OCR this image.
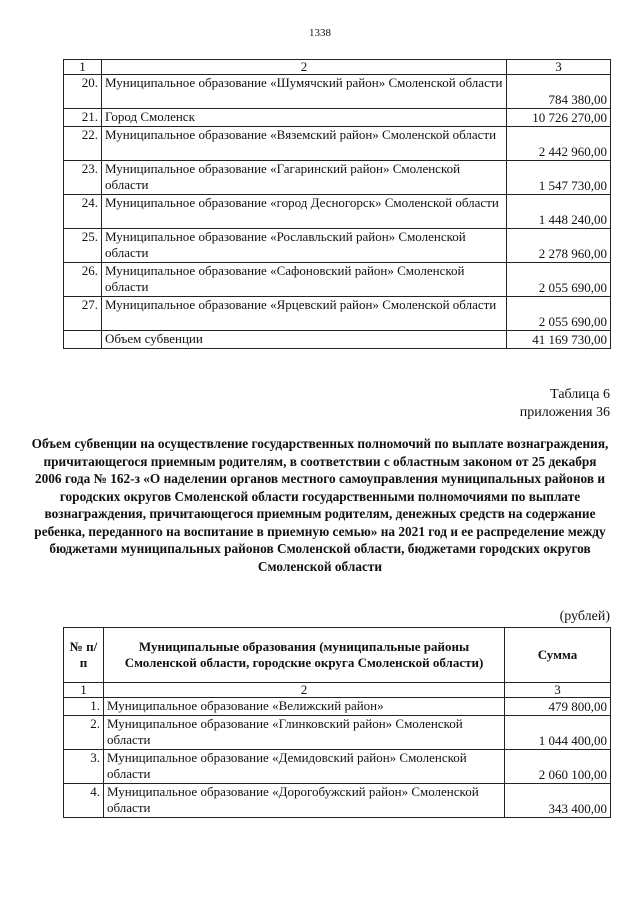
1338
1	2	3
20.	Муниципальное образование «Шумячский район» Смоленской области	784 380,00
21.	Город Смоленск	10 726 270,00
22.	Муниципальное образование «Вяземский район» Смоленской области	2 442 960,00
23.	Муниципальное образование «Гагаринский район» Смоленской области	1 547 730,00
24.	Муниципальное образование «город Десногорск» Смоленской области	1 448 240,00
25.	Муниципальное образование «Рославльский район» Смоленской области	2 278 960,00
26.	Муниципальное образование «Сафоновский район» Смоленской области	2 055 690,00
27.	Муниципальное образование «Ярцевский район» Смоленской области	2 055 690,00
	Объем субвенции	41 169 730,00
Таблица 6
приложения 36
Объем субвенции на осуществление государственных полномочий по выплате вознаграждения, причитающегося приемным родителям, в соответствии с областным законом от 25 декабря 2006 года № 162-з «О наделении органов местного самоуправления муниципальных районов и городских округов Смоленской области государственными полномочиями по выплате вознаграждения, причитающегося приемным родителям, денежных средств на содержание ребенка, переданного на воспитание в приемную семью» на 2021 год и ее распределение между бюджетами муниципальных районов Смоленской области, бюджетами городских округов Смоленской области
(рублей)
№ п/п	Муниципальные образования (муниципальные районы Смоленской области, городские округа Смоленской области)	Сумма
1	2	3
1.	Муниципальное образование «Велижский район»	479 800,00
2.	Муниципальное образование «Глинковский район» Смоленской области	1 044 400,00
3.	Муниципальное образование «Демидовский район» Смоленской области	2 060 100,00
4.	Муниципальное образование «Дорогобужский район» Смоленской области	343 400,00
